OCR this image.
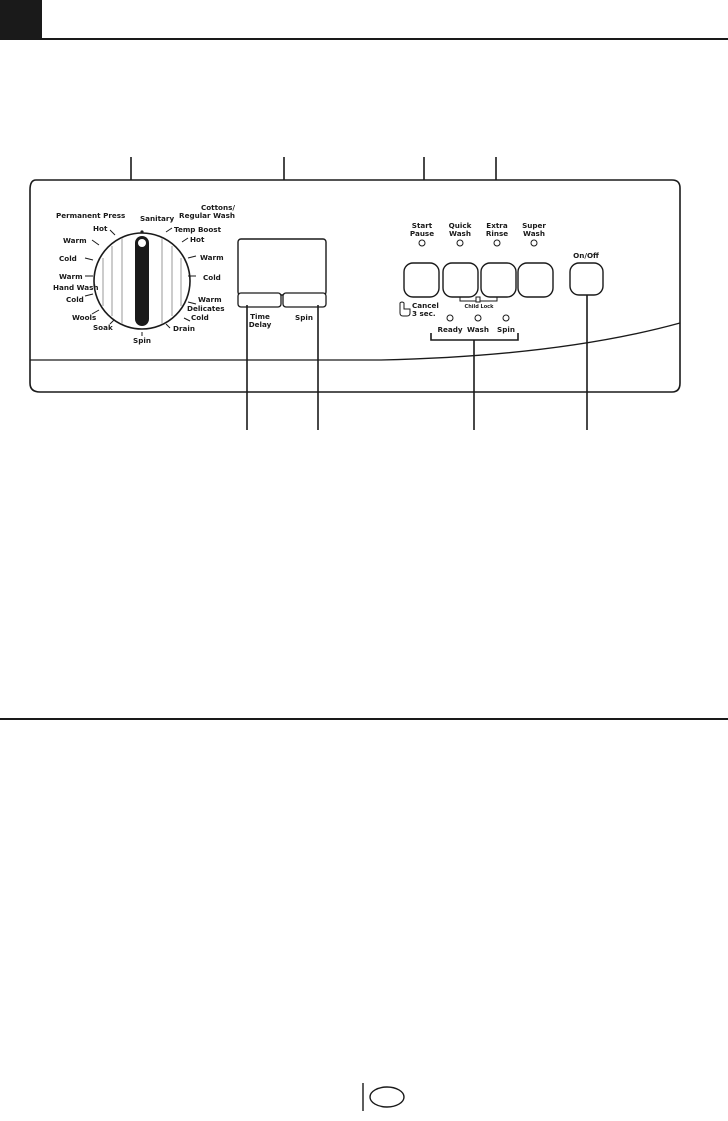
Permanent Press
Hot
Warm
Cold
Sanitary
Cottons/
Regular Wash
Temp Boost
Hot
Warm
Cold
Warm
Hand Wash
Cold
Wools
Soak
Spin
Drain
Warm
Delicates
Cold	Time
Delay
Spin
Start
Pause
Quick
Wash
Extra
Rinse
Super
Wash
On/Off
Child Lock
Cancel
3 sec.
Ready Wash Spin
